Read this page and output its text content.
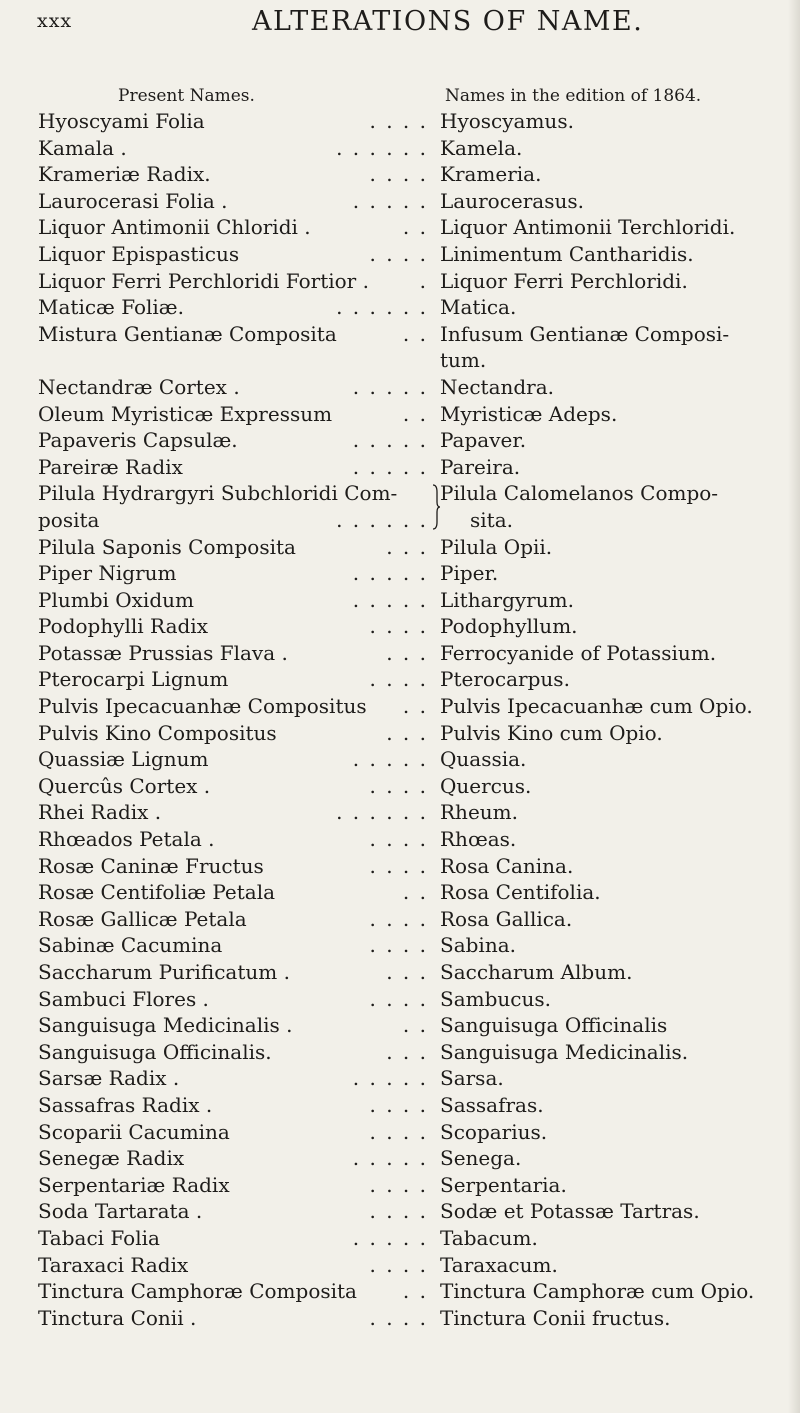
xxx	ALTERATIONS OF NAME.
Present Names.	Names in the edition of 1864.
Hyoscyami Folia	. . . . Hyoscyamus.
Kamala .	. . . . . . Kamela.
Krameriæ Radix.	. . . . Krameria.
Laurocerasi Folia .	. . . . . Laurocerasus.
Liquor Antimonii Chloridi .	. . Liquor Antimonii Terchloridi.
Liquor Epispasticus	. . . . Linimentum Cantharidis.
Liquor Ferri Perchloridi Fortior .	. Liquor Ferri Perchloridi.
Maticæ Foliæ.	. . . . . . Matica.
Mistura Gentianæ Composita	. . Infusum Gentianæ Composi-
tum.
Nectandræ Cortex .	. . . . . Nectandra.
Oleum Myristicæ Expressum	. . Myristicæ Adeps.
Papaveris Capsulæ.	. . . . . Papaver.
Pareiræ Radix	. . . . . Pareira.
Pilula Hydrargyri Subchloridi Com- Pilula Calomelanos Compo-
posita	. . . . . . sita.
Pilula Saponis Composita	. . . Pilula Opii.
Piper Nigrum	. . . . . Piper.
Plumbi Oxidum	. . . . . Lithargyrum.
Podophylli Radix	. . . . Podophyllum.
Potassæ Prussias Flava .	. . . Ferrocyanide of Potassium.
Pterocarpi Lignum	. . . . Pterocarpus.
Pulvis Ipecacuanhæ Compositus	. . Pulvis Ipecacuanhæ cum Opio.
Pulvis Kino Compositus	. . . Pulvis Kino cum Opio.
Quassiæ Lignum	. . . . . Quassia.
Quercûs Cortex .	. . . . Quercus.
Rhei Radix .	. . . . . . Rheum.
Rhœados Petala .	. . . . Rhœas.
Rosæ Caninæ Fructus	. . . . Rosa Canina.
Rosæ Centifoliæ Petala	. . Rosa Centifolia.
Rosæ Gallicæ Petala	. . . . Rosa Gallica.
Sabinæ Cacumina	. . . . Sabina.
Saccharum Purificatum .	. . . Saccharum Album.
Sambuci Flores .	. . . . Sambucus.
Sanguisuga Medicinalis .	. . Sanguisuga Officinalis
Sanguisuga Officinalis.	. . . Sanguisuga Medicinalis.
Sarsæ Radix .	. . . . . Sarsa.
Sassafras Radix .	. . . . Sassafras.
Scoparii Cacumina	. . . . Scoparius.
Senegæ Radix	. . . . . Senega.
Serpentariæ Radix	. . . . Serpentaria.
Soda Tartarata .	. . . . Sodæ et Potassæ Tartras.
Tabaci Folia	. . . . . Tabacum.
Taraxaci Radix	. . . . Taraxacum.
Tinctura Camphoræ Composita	. . Tinctura Camphoræ cum Opio.
Tinctura Conii .	. . . . Tinctura Conii fructus.
